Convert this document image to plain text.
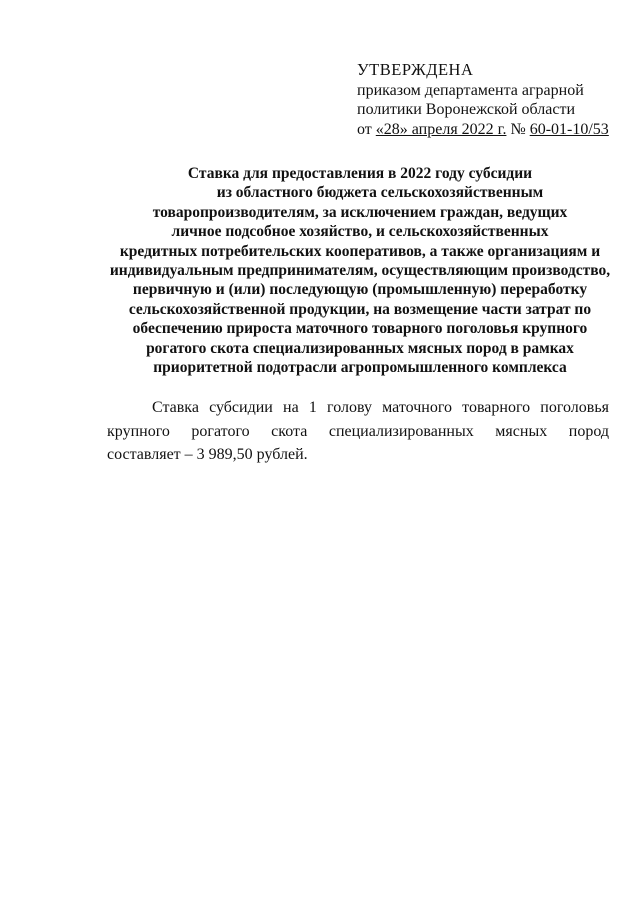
УТВЕРЖДЕНА
приказом департамента аграрной
политики Воронежской области
от «28» апреля 2022 г. № 60-01-10/53
Ставка для предоставления в 2022 году субсидии
из областного бюджета сельскохозяйственным
товаропроизводителям, за исключением граждан, ведущих
личное подсобное хозяйство, и сельскохозяйственных
кредитных потребительских кооперативов, а также организациям и
индивидуальным предпринимателям, осуществляющим производство,
первичную и (или) последующую (промышленную) переработку
сельскохозяйственной продукции, на возмещение части затрат по
обеспечению прироста маточного товарного поголовья крупного
рогатого скота специализированных мясных пород в рамках
приоритетной подотрасли агропромышленного комплекса
Ставка субсидии на 1 голову маточного товарного поголовья
крупного рогатого скота специализированных мясных пород
составляет – 3 989,50 рублей.
